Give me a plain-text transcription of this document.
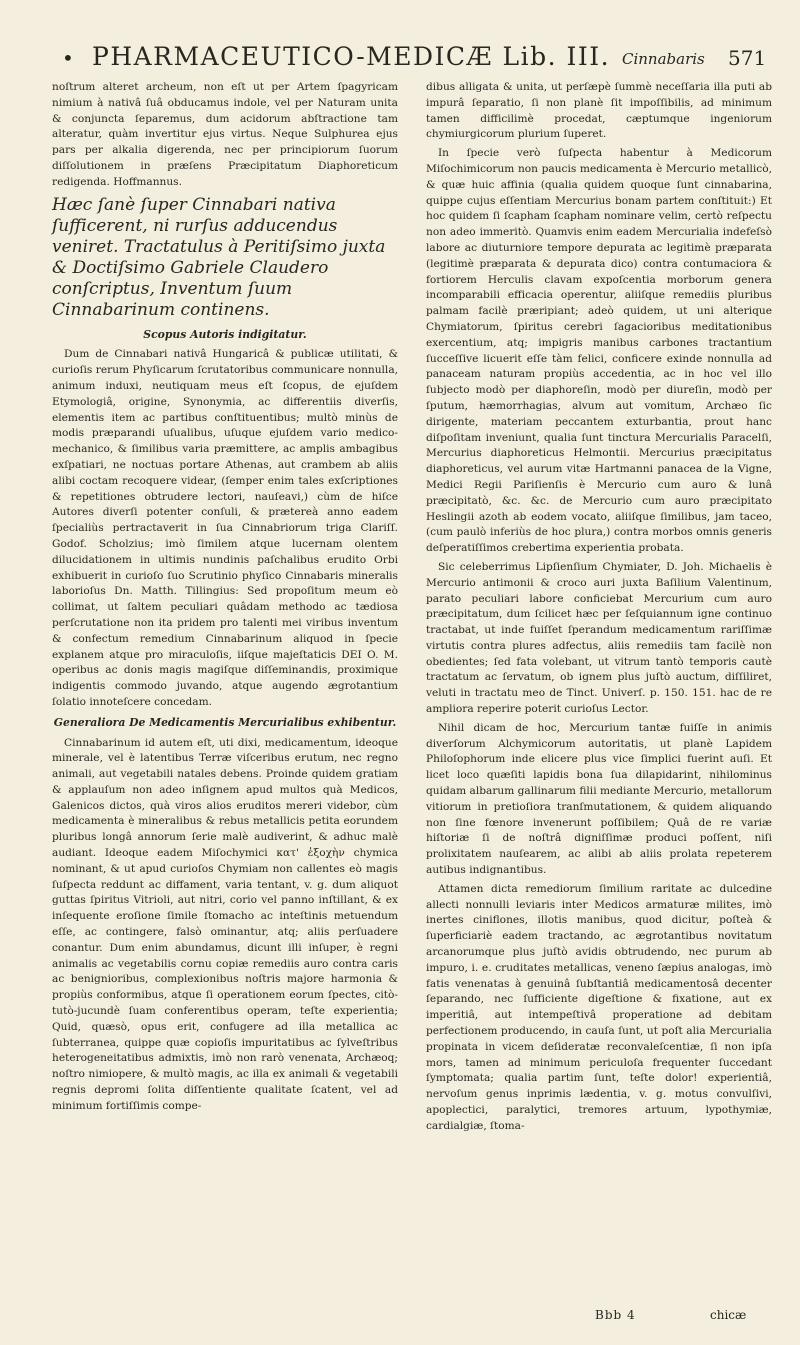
• PHARMACEUTICO-MEDICÆ Lib. III. Cinnabaris 571

noſtrum alteret archeum, non eſt ut per Artem ſpagyricam nimium à nativâ ſuâ obducamus indole, vel per Naturam unita & conjuncta ſeparemus, dum acidorum abſtractione tam alteratur, quàm invertitur ejus virtus. Neque Sulphurea ejus pars per alkalia digerenda, nec per principiorum ſuorum diſſolutionem in præſens Præcipitatum Diaphoreticum redigenda. Hoffmannus.

Hæc ſanè ſuper Cinnabari nativa ſufficerent, ni rurſus adducendus veniret. Tractatulus à Peritiſsimo juxta & Doctiſsimo Gabriele Claudero conſcriptus, Inventum ſuum Cinnabarinum continens.

Scopus Autoris indigitatur.

Dum de Cinnabari nativâ Hungaricâ & publicæ utilitati, & curioſis rerum Phyſicarum ſcrutatoribus communicare nonnulla, animum induxi, neutiquam meus eſt ſcopus, de ejuſdem Etymologiâ, origine, Synonymia, ac differentiis diverſis, elementis item ac partibus conſtituentibus; multò minùs de modis præparandi uſualibus, uſuque ejuſdem vario medico-mechanico, & ſimilibus varia præmittere, ac amplis ambagibus exſpatiari, ne noctuas portare Athenas, aut crambem ab aliis alibi coctam recoquere videar, (ſemper enim tales exſcriptiones & repetitiones obtrudere lectori, nauſeavi,) cùm de hiſce Autores diverſi potenter conſuli, & prætereà anno eadem ſpecialiùs pertractaverit in ſua Cinnabriorum triga Clariſſ. Godof. Scholzius; imò ſimilem atque lucernam olentem dilucidationem in ultimis nundinis paſchalibus erudito Orbi exhibuerit in curioſo ſuo Scrutinio phyſico Cinnabaris mineralis laborioſus Dn. Matth. Tillingius: Sed propoſitum meum eò collimat, ut ſaltem peculiari quâdam methodo ac tædiosa perſcrutatione non ita pridem pro talenti mei viribus inventum & confectum remedium Cinnabarinum aliquod in ſpecie explanem atque pro miraculoſis, iiſque majeſtaticis DEI O. M. operibus ac donis magis magiſque diſſeminandis, proximique indigentis commodo juvando, atque augendo ægrotantium ſolatio innoteſcere concedam.

Generaliora De Medicamentis Mercurialibus exhibentur.

Cinnabarinum id autem eſt, uti dixi, medicamentum, ideoque minerale, vel è latentibus Terræ viſceribus erutum, nec regno animali, aut vegetabili natales debens. Proinde quidem gratiam & applauſum non adeo inſignem apud multos quà Medicos, Galenicos dictos, quà viros alios eruditos mereri videbor, cùm medicamenta è mineralibus & rebus metallicis petita eorundem pluribus longâ annorum ſerie malè audiverint, & adhuc malè audiant. Ideoque eadem Miſochymici κατ' ἐξοχὴν chymica nominant, & ut apud curioſos Chymiam non callentes eò magis ſuſpecta reddunt ac diffament, varia tentant, v. g. dum aliquot guttas ſpiritus Vitrioli, aut nitri, corio vel panno inſtillant, & ex inſequente eroſione ſimile ſtomacho ac inteſtinis metuendum eſſe, ac contingere, falsò ominantur, atq; aliis perſuadere conantur. Dum enim abundamus, dicunt illi inſuper, è regni animalis ac vegetabilis cornu copiæ remediis auro contra caris ac benignioribus, complexionibus noſtris majore harmonia & propiùs conformibus, atque ſi operationem eorum ſpectes, citò-tutò-jucundè ſuam conferentibus operam, teſte experientia; Quid, quæsò, opus erit, confugere ad illa metallica ac ſubterranea, quippe quæ copioſis impuritatibus ac ſylveſtribus heterogeneitatibus admixtis, imò non rarò venenata, Archæoq; noſtro nimiopere, & multò magis, ac illa ex animali & vegetabili regnis depromi ſolita diſſentiente qualitate ſcatent, vel ad minimum fortiſſimis compe-

dibus alligata & unita, ut perſæpè ſummè neceſſaria illa puti ab impurâ ſeparatio, ſi non planè ſit impoſſibilis, ad minimum tamen difficilimè procedat, cæptumque ingeniorum chymiurgicorum plurium ſuperet.

In ſpecie verò ſuſpecta habentur à Medicorum Miſochimicorum non paucis medicamenta è Mercurio metallicò, & quæ huic affinia (qualia quidem quoque ſunt cinnabarina, quippe cujus eſſentiam Mercurius bonam partem conſtituit:) Et hoc quidem ſi ſcapham ſcapham nominare velim, certò reſpectu non adeo immeritò. Quamvis enim eadem Mercurialia indefeſsò labore ac diuturniore tempore depurata ac legitimè præparata (legitimè præparata & depurata dico) contra contumaciora & fortiorem Herculis clavam expoſcentia morborum genera incomparabili efficacia operentur, aliiſque remediis pluribus palmam facilè præripiant; adeò quidem, ut uni alterique Chymiatorum, ſpiritus cerebri ſagacioribus meditationibus exercentium, atq; impigris manibus carbones tractantium ſucceſſive licuerit eſſe tàm felici, conficere exinde nonnulla ad panaceam naturam propiùs accedentia, ac in hoc vel illo ſubjecto modò per diaphoreſin, modò per diureſin, modò per ſputum, hæmorrhagias, alvum aut vomitum, Archæo ſic dirigente, materiam peccantem exturbantia, prout hanc diſpoſitam inveniunt, qualia ſunt tinctura Mercurialis Paracelſi, Mercurius diaphoreticus Helmontii. Mercurius præcipitatus diaphoreticus, vel aurum vitæ Hartmanni panacea de la Vigne, Medici Regii Pariſienſis è Mercurio cum auro & lunâ præcipitatò, &c. &c. de Mercurio cum auro præcipitato Heslingii azoth ab eodem vocato, aliiſque ſimilibus, jam taceo, (cum paulò inferiùs de hoc plura,) contra morbos omnis generis deſperatiſſimos crebertima experientia probata.

Sic celeberrimus Lipſienſium Chymiater, D. Joh. Michaelis è Mercurio antimonii & croco auri juxta Baſilium Valentinum, parato peculiari labore conficiebat Mercurium cum auro præcipitatum, dum ſcilicet hæc per ſeſquiannum igne continuo tractabat, ut inde fuiſſet ſperandum medicamentum rariſſimæ virtutis contra plures adfectus, aliis remediis tam facilè non obedientes; ſed fata volebant, ut vitrum tantò temporis cautè tractatum ac ſervatum, ob ignem plus juſtò auctum, diſſiliret, veluti in tractatu meo de Tinct. Univerſ. p. 150. 151. hac de re ampliora reperire poterit curioſus Lector.

Nihil dicam de hoc, Mercurium tantæ fuiſſe in animis diverſorum Alchymicorum autoritatis, ut planè Lapidem Philoſophorum inde elicere plus vice ſimplici fuerint auſi. Et licet loco quæſiti lapidis bona ſua dilapidarint, nihilominus quidam albarum gallinarum filii mediante Mercurio, metallorum vitiorum in pretioſiora tranſmutationem, & quidem aliquando non ſine fœnore invenerunt poſſibilem; Quâ de re variæ hiſtoriæ ſi de noſtrâ digniſſimæ produci poſſent, niſi prolixitatem nauſearem, ac alibi ab aliis prolata repeterem autibus indignantibus.

Attamen dicta remediorum ſimilium raritate ac dulcedine allecti nonnulli leviaris inter Medicos armaturæ milites, imò inertes ciniflones, illotis manibus, quod dicitur, poſteà & ſuperficiariè eadem tractando, ac ægrotantibus novitatum arcanorumque plus juſtò avidis obtrudendo, nec purum ab impuro, i. e. cruditates metallicas, veneno ſæpius analogas, imò fatis venenatas à genuinâ ſubſtantiâ medicamentosâ decenter ſeparando, nec ſufficiente digeſtione & fixatione, aut ex imperitiâ, aut intempeſtivâ properatione ad debitam perfectionem producendo, in cauſa ſunt, ut poſt alia Mercurialia propinata in vicem deſideratæ reconvaleſcentiæ, ſi non ipſa mors, tamen ad minimum periculoſa frequenter ſuccedant ſymptomata; qualia partim ſunt, teſte dolor! experientiâ, nervoſum genus inprimis lædentia, v. g. motus convulſivi, apoplectici, paralytici, tremores artuum, lypothymiæ, cardialgiæ, ſtoma-

Bbb 4	chicæ
